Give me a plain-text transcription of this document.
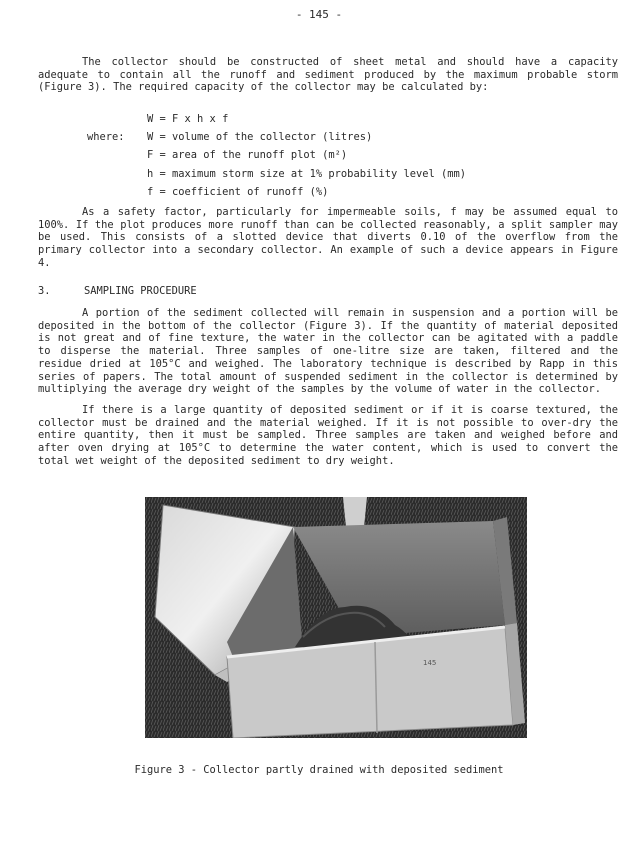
- 145 -
The collector should be constructed of sheet metal and should have a capacity adequate to contain all the runoff and sediment produced by the maximum probable storm (Figure 3). The required capacity of the collector may be calculated by:
W = F x h x f
where:	W = volume of the collector (litres)
F = area of the runoff plot (m²)
h = maximum storm size at 1% probability level (mm)
f = coefficient of runoff (%)
As a safety factor, particularly for impermeable soils, f may be assumed equal to 100%. If the plot produces more runoff than can be collected reasonably, a split sampler may be used. This consists of a slotted device that diverts 0.10 of the overflow from the primary collector into a secondary collector. An example of such a device appears in Figure 4.
3.	SAMPLING PROCEDURE
A portion of the sediment collected will remain in suspension and a portion will be deposited in the bottom of the collector (Figure 3). If the quantity of material deposited is not great and of fine texture, the water in the collector can be agitated with a paddle to disperse the material. Three samples of one-litre size are taken, filtered and the residue dried at 105°C and weighed. The laboratory technique is described by Rapp in this series of papers. The total amount of suspended sediment in the collector is determined by multiplying the average dry weight of the samples by the volume of water in the collector.
If there is a large quantity of deposited sediment or if it is coarse textured, the collector must be drained and the material weighed. If it is not possible to over-dry the entire quantity, then it must be sampled. Three samples are taken and weighed before and after oven drying at 105°C to determine the water content, which is used to convert the total wet weight of the deposited sediment to dry weight.
145
Figure 3 - Collector partly drained with deposited sediment
